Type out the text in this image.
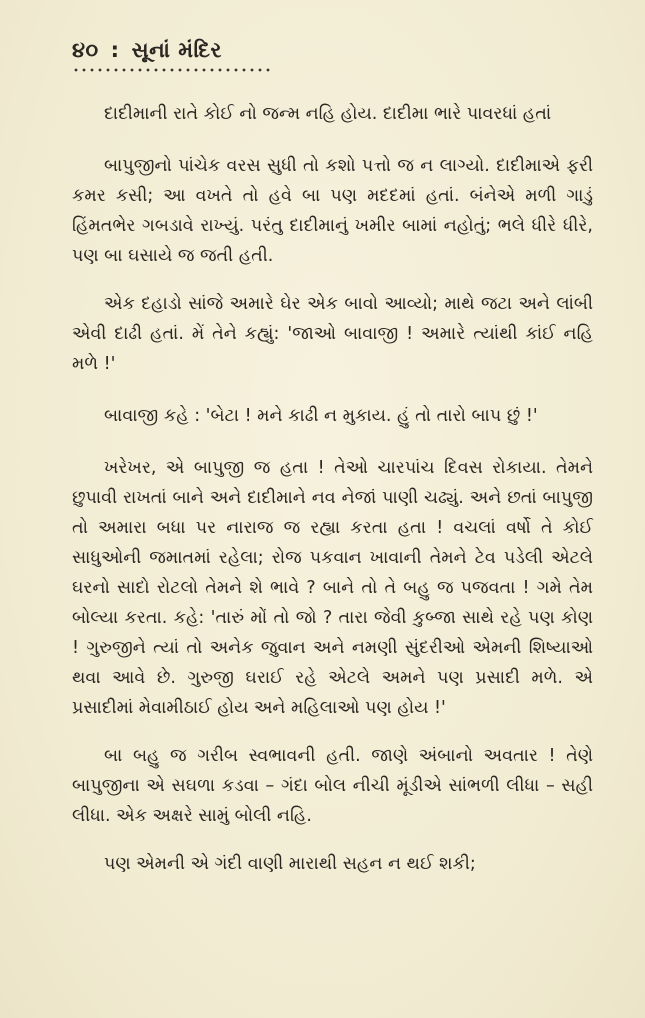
૪૦ : સૂનાં મંદિર

દાદીમાની રાતે કોઈ નો જન્મ નહિ હોય. દાદીમા ભારે પાવરધાં હતાં

બાપુજીનો પાંચેક વરસ સુધી તો કશો પત્તો જ ન લાગ્યો. દાદીમાએ ફરી કમર કસી; આ વખતે તો હવે બા પણ મદદમાં હતાં. બંનેએ મળી ગાડું હિંમતભેર ગબડાવે રાખ્યું. પરંતુ દાદીમાનું ખમીર બામાં નહોતું; ભલે ધીરે ધીરે, પણ બા ઘસાયે જ જતી હતી.

એક દહાડો સાંજે અમારે ઘેર એક બાવો આવ્યો; માથે જટા અને લાંબી એવી દાઢી હતાં. મેં તેને કહ્યું: 'જાઓ બાવાજી ! અમારે ત્યાંથી કાંઈ નહિ મળે !'

બાવાજી કહે : 'બેટા ! મને કાઢી ન મુકાય. હું તો તારો બાપ છું !'

ખરેખર, એ બાપુજી જ હતા ! તેઓ ચારપાંચ દિવસ રોકાયા. તેમને છુપાવી રાખતાં બાને અને દાદીમાને નવ નેજાં પાણી ચઢ્યું. અને છતાં બાપુજી તો અમારા બધા પર નારાજ જ રહ્યા કરતા હતા ! વચલાં વર્ષો તે કોઈ સાધુઓની જમાતમાં રહેલા; રોજ પકવાન ખાવાની તેમને ટેવ પડેલી એટલે ઘરનો સાદો રોટલો તેમને શે ભાવે ? બાને તો તે બહુ જ પજવતા ! ગમે તેમ બોલ્યા કરતા. કહે: 'તારું મોં તો જો ? તારા જેવી કુબ્જા સાથે રહે પણ કોણ ! ગુરુજીને ત્યાં તો અનેક જુવાન અને નમણી સુંદરીઓ એમની શિષ્યાઓ થવા આવે છે. ગુરુજી ઘરાઈ રહે એટલે અમને પણ પ્રસાદી મળે. એ પ્રસાદીમાં મેવામીઠાઈ હોય અને મહિલાઓ પણ હોય !'

બા બહુ જ ગરીબ સ્વભાવની હતી. જાણે અંબાનો અવતાર ! તેણે બાપુજીના એ સઘળા કડવા – ગંદા બોલ નીચી મૂંડીએ સાંભળી લીધા – સહી લીધા. એક અક્ષરે સામું બોલી નહિ.

પણ એમની એ ગંદી વાણી મારાથી સહન ન થઈ શકી;
